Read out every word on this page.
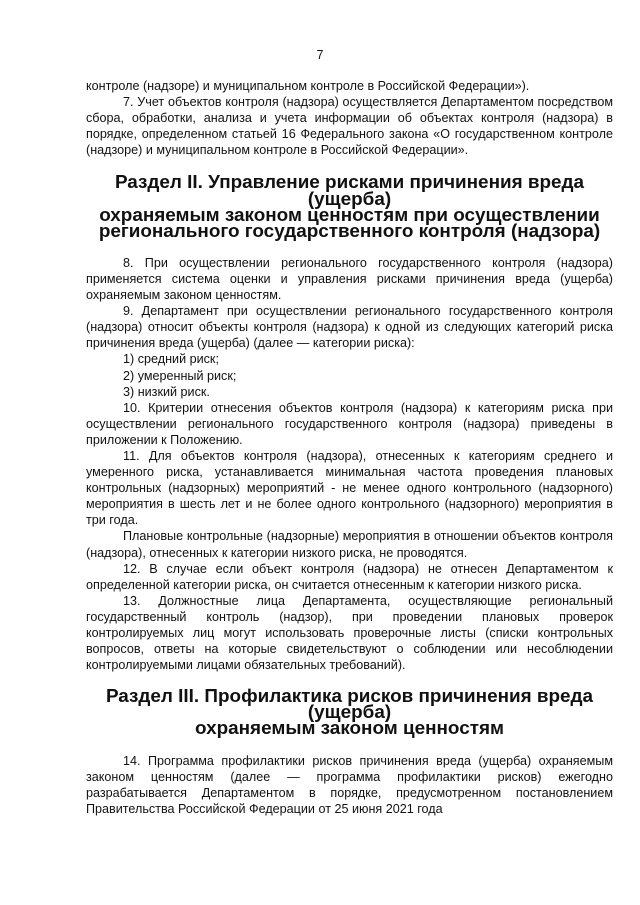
7

контроле (надзоре) и муниципальном контроле в Российской Федерации»).

7. Учет объектов контроля (надзора) осуществляется Департаментом посредством сбора, обработки, анализа и учета информации об объектах контроля (надзора) в порядке, определенном статьей 16 Федерального закона «О государственном контроле (надзоре) и муниципальном контроле в Российской Федерации».

Раздел II. Управление рисками причинения вреда (ущерба)
охраняемым законом ценностям при осуществлении
регионального государственного контроля (надзора)

8. При осуществлении регионального государственного контроля (надзора) применяется система оценки и управления рисками причинения вреда (ущерба) охраняемым законом ценностям.

9. Департамент при осуществлении регионального государственного контроля (надзора) относит объекты контроля (надзора) к одной из следующих категорий риска причинения вреда (ущерба) (далее — категории риска):

1) средний риск;

2) умеренный риск;

3) низкий риск.

10. Критерии отнесения объектов контроля (надзора) к категориям риска при осуществлении регионального государственного контроля (надзора) приведены в приложении к Положению.

11. Для объектов контроля (надзора), отнесенных к категориям среднего и умеренного риска, устанавливается минимальная частота проведения плановых контрольных (надзорных) мероприятий - не менее одного контрольного (надзорного) мероприятия в шесть лет и не более одного контрольного (надзорного) мероприятия в три года.

Плановые контрольные (надзорные) мероприятия в отношении объектов контроля (надзора), отнесенных к категории низкого риска, не проводятся.

12. В случае если объект контроля (надзора) не отнесен Департаментом к определенной категории риска, он считается отнесенным к категории низкого риска.

13. Должностные лица Департамента, осуществляющие региональный государственный контроль (надзор), при проведении плановых проверок контролируемых лиц могут использовать проверочные листы (списки контрольных вопросов, ответы на которые свидетельствуют о соблюдении или несоблюдении контролируемыми лицами обязательных требований).

Раздел III. Профилактика рисков причинения вреда (ущерба)
охраняемым законом ценностям

14. Программа профилактики рисков причинения вреда (ущерба) охраняемым законом ценностям (далее — программа профилактики рисков) ежегодно разрабатывается Департаментом в порядке, предусмотренном постановлением Правительства Российской Федерации от 25 июня 2021 года
